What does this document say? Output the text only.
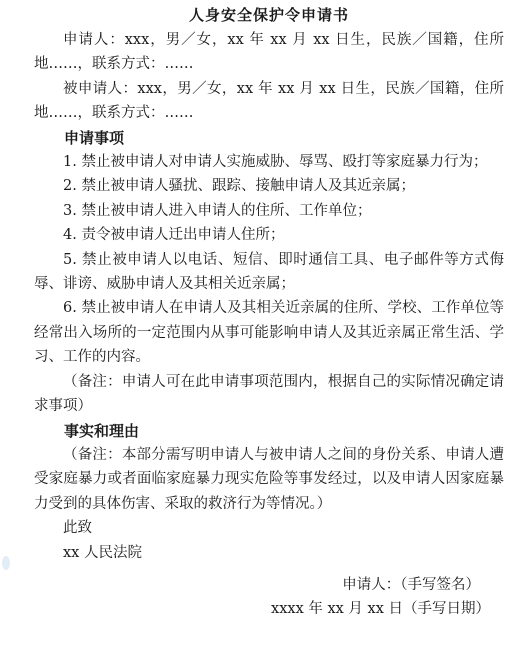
人身安全保护令申请书

申请人：xxx，男／女，xx 年 xx 月 xx 日生，民族／国籍，住所地……，联系方式：……

被申请人：xxx，男／女，xx 年 xx 月 xx 日生，民族／国籍，住所地……，联系方式：……

申请事项

1. 禁止被申请人对申请人实施威胁、辱骂、殴打等家庭暴力行为；

2. 禁止被申请人骚扰、跟踪、接触申请人及其近亲属；

3. 禁止被申请人进入申请人的住所、工作单位；

4. 责令被申请人迁出申请人住所；

5. 禁止被申请人以电话、短信、即时通信工具、电子邮件等方式侮辱、诽谤、威胁申请人及其相关近亲属；

6. 禁止被申请人在申请人及其相关近亲属的住所、学校、工作单位等经常出入场所的一定范围内从事可能影响申请人及其近亲属正常生活、学习、工作的内容。

（备注：申请人可在此申请事项范围内，根据自己的实际情况确定请求事项）

事实和理由

（备注：本部分需写明申请人与被申请人之间的身份关系、申请人遭受家庭暴力或者面临家庭暴力现实危险等事发经过，以及申请人因家庭暴力受到的具体伤害、采取的救济行为等情况。）

此致

xx 人民法院

申请人：（手写签名）

xxxx 年 xx 月 xx 日（手写日期）
